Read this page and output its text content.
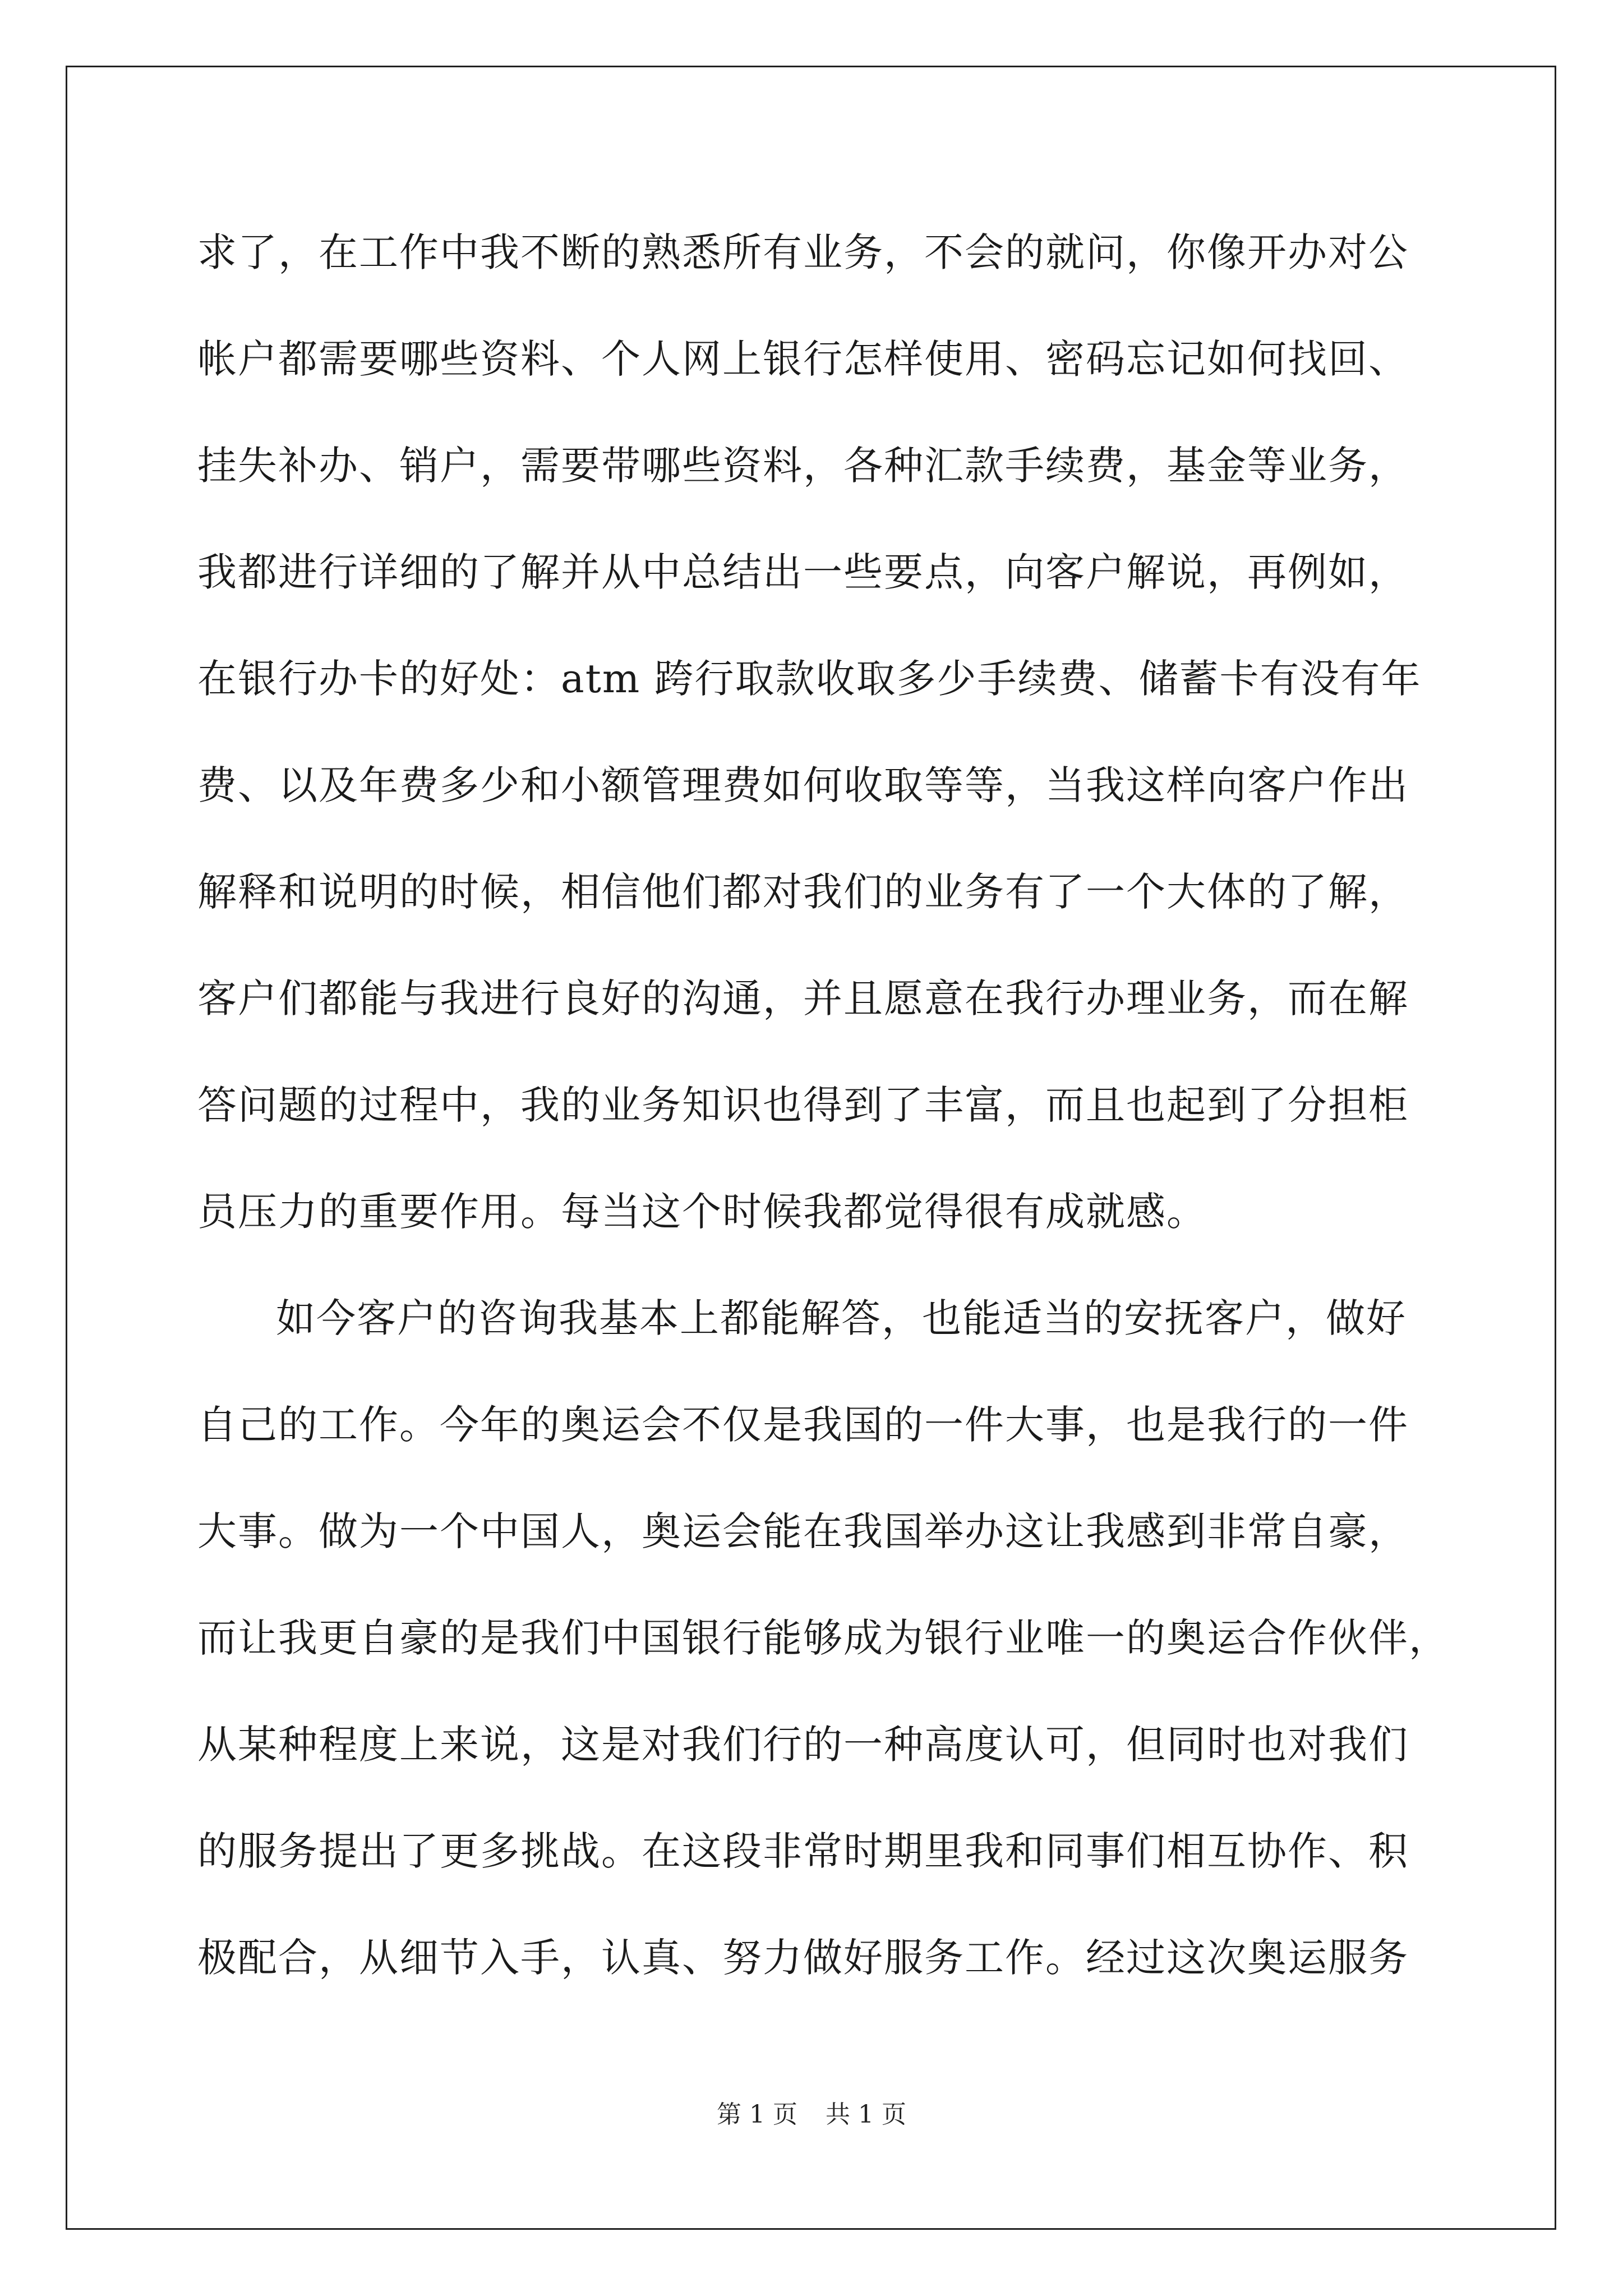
求了，在工作中我不断的熟悉所有业务，不会的就问，你像开办对公
帐户都需要哪些资料、个人网上银行怎样使用、密码忘记如何找回、
挂失补办、销户，需要带哪些资料，各种汇款手续费，基金等业务，
我都进行详细的了解并从中总结出一些要点，向客户解说，再例如，
在银行办卡的好处：atm 跨行取款收取多少手续费、储蓄卡有没有年
费、以及年费多少和小额管理费如何收取等等，当我这样向客户作出
解释和说明的时候，相信他们都对我们的业务有了一个大体的了解，
客户们都能与我进行良好的沟通，并且愿意在我行办理业务，而在解
答问题的过程中，我的业务知识也得到了丰富，而且也起到了分担柜
员压力的重要作用。每当这个时候我都觉得很有成就感。
如今客户的咨询我基本上都能解答，也能适当的安抚客户，做好
自己的工作。今年的奥运会不仅是我国的一件大事，也是我行的一件
大事。做为一个中国人，奥运会能在我国举办这让我感到非常自豪，
而让我更自豪的是我们中国银行能够成为银行业唯一的奥运合作伙伴，
从某种程度上来说，这是对我们行的一种高度认可，但同时也对我们
的服务提出了更多挑战。在这段非常时期里我和同事们相互协作、积
极配合，从细节入手，认真、努力做好服务工作。经过这次奥运服务
第 1 页 共 1 页
